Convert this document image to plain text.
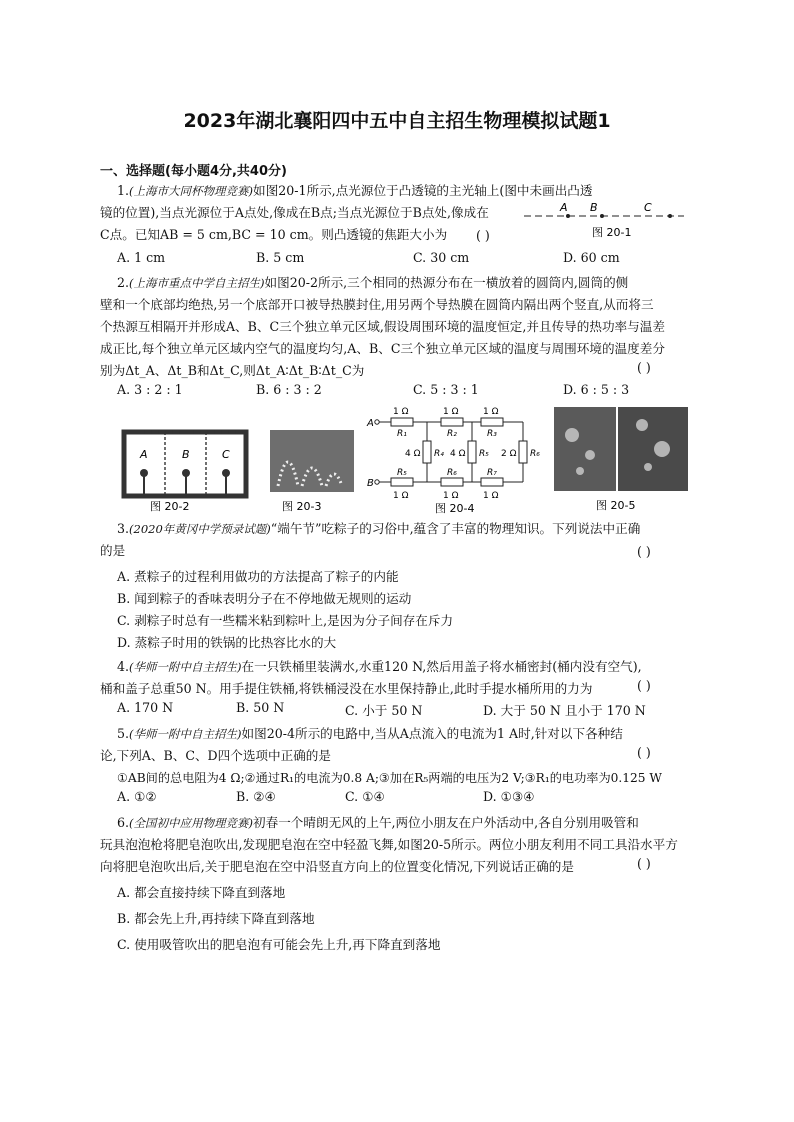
2023年湖北襄阳四中五中自主招生物理模拟试题1
一、选择题(每小题4分,共40分)
1.(上海市大同杯物理竞赛)如图20-1所示,点光源位于凸透镜的主光轴上(图中未画出凸透
镜的位置),当点光源位于A点处,像成在B点;当点光源位于B点处,像成在
C点。已知AB = 5 cm,BC = 10 cm。则凸透镜的焦距大小为 ( )
A B	C
图 20-1
A. 1 cm	B. 5 cm	C. 30 cm	D. 60 cm
2.(上海市重点中学自主招生)如图20-2所示,三个相同的热源分布在一横放着的圆筒内,圆筒的侧
壁和一个底部均绝热,另一个底部开口被导热膜封住,用另两个导热膜在圆筒内隔出两个竖直,从而将三
个热源互相隔开并形成A、B、C三个独立单元区域,假设周围环境的温度恒定,并且传导的热功率与温差
成正比,每个独立单元区域内空气的温度均匀,A、B、C三个独立单元区域的温度与周围环境的温度差分
别为Δt_A、Δt_B和Δt_C,则Δt_A∶Δt_B∶Δt_C为	( )
A. 3 : 2 : 1	B. 6 : 3 : 2	C. 5 : 3 : 1	D. 6 : 5 : 3
A	B	C
图 20-2	图 20-3
A
B
1 Ω	1 Ω	1 Ω
R₁	R₂	R₃
R₅	R₆	R₇
1 Ω	1 Ω	1 Ω
4 Ω R₄ 4 Ω R₅ 2 Ω R₆
图 20-4	图 20-5
3.(2020年黄冈中学预录试题)“端午节”吃粽子的习俗中,蕴含了丰富的物理知识。下列说法中正确
的是	( )
A. 煮粽子的过程利用做功的方法提高了粽子的内能
B. 闻到粽子的香味表明分子在不停地做无规则的运动
C. 剥粽子时总有一些糯米粘到粽叶上,是因为分子间存在斥力
D. 蒸粽子时用的铁锅的比热容比水的大
4.(华师一附中自主招生)在一只铁桶里装满水,水重120 N,然后用盖子将水桶密封(桶内没有空气),
桶和盖子总重50 N。用手提住铁桶,将铁桶浸没在水里保持静止,此时手提水桶所用的力为	( )
A. 170 N	B. 50 N	C. 小于 50 N	D. 大于 50 N 且小于 170 N
5.(华师一附中自主招生)如图20-4所示的电路中,当从A点流入的电流为1 A时,针对以下各种结
论,下列A、B、C、D四个选项中正确的是	( )
①AB间的总电阻为4 Ω;②通过R₁的电流为0.8 A;③加在R₅两端的电压为2 V;③R₁的电功率为0.125 W
A. ①②	B. ②④	C. ①④	D. ①③④
6.(全国初中应用物理竞赛)初春一个晴朗无风的上午,两位小朋友在户外活动中,各自分别用吸管和
玩具泡泡枪将肥皂泡吹出,发现肥皂泡在空中轻盈飞舞,如图20-5所示。两位小朋友利用不同工具沿水平方
向将肥皂泡吹出后,关于肥皂泡在空中沿竖直方向上的位置变化情况,下列说话正确的是	( )
A. 都会直接持续下降直到落地
B. 都会先上升,再持续下降直到落地
C. 使用吸管吹出的肥皂泡有可能会先上升,再下降直到落地
